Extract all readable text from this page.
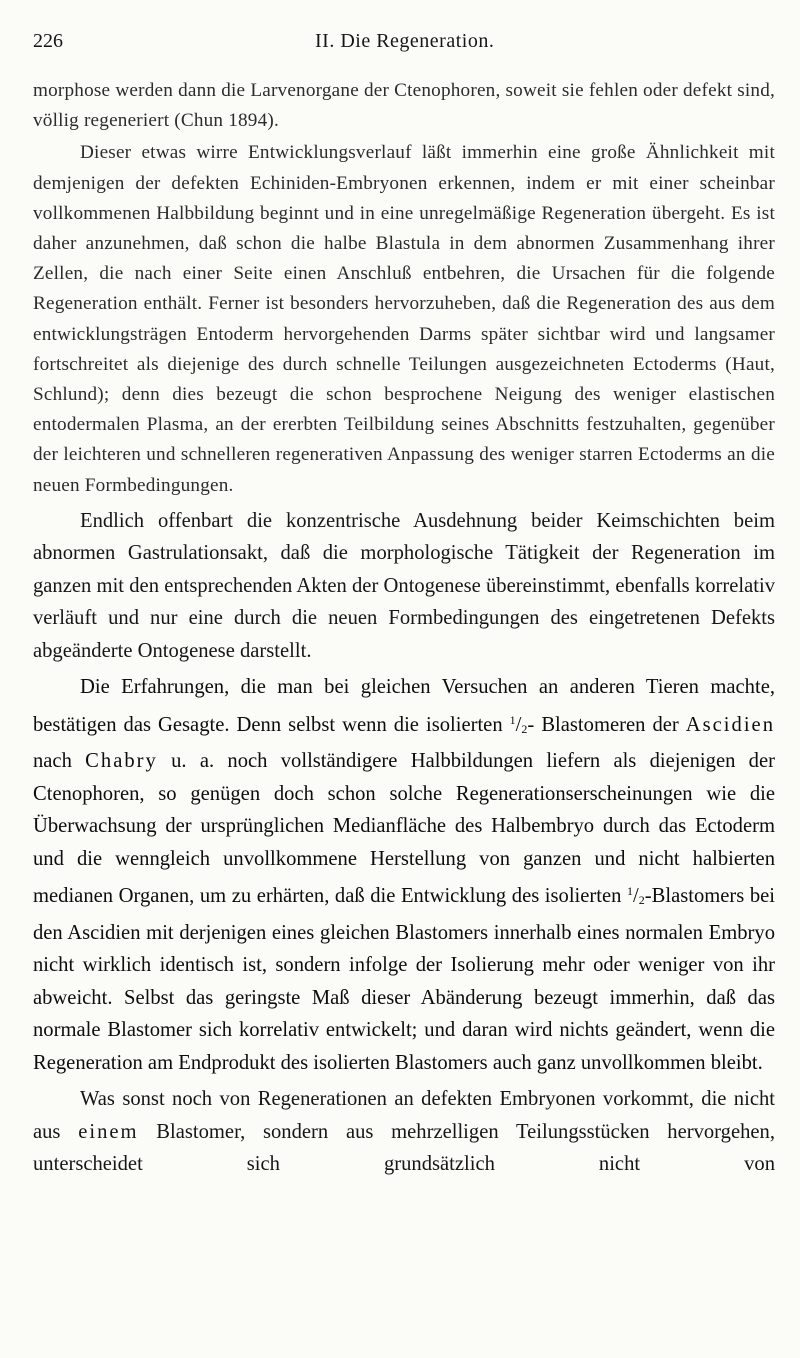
226	II. Die Regeneration.

morphose werden dann die Larvenorgane der Ctenophoren, soweit sie fehlen oder defekt sind, völlig regeneriert (Chun 1894).

Dieser etwas wirre Entwicklungsverlauf läßt immerhin eine große Ähnlichkeit mit demjenigen der defekten Echiniden-Embryonen erkennen, indem er mit einer scheinbar vollkommenen Halbbildung beginnt und in eine unregelmäßige Regeneration übergeht. Es ist daher anzunehmen, daß schon die halbe Blastula in dem abnormen Zusammenhang ihrer Zellen, die nach einer Seite einen Anschluß entbehren, die Ursachen für die folgende Regeneration enthält. Ferner ist besonders hervorzuheben, daß die Regeneration des aus dem entwicklungsträgen Entoderm hervorgehenden Darms später sichtbar wird und langsamer fortschreitet als diejenige des durch schnelle Teilungen ausgezeichneten Ectoderms (Haut, Schlund); denn dies bezeugt die schon besprochene Neigung des weniger elastischen entodermalen Plasma, an der ererbten Teilbildung seines Abschnitts festzuhalten, gegenüber der leichteren und schnelleren regenerativen Anpassung des weniger starren Ectoderms an die neuen Formbedingungen.

Endlich offenbart die konzentrische Ausdehnung beider Keimschichten beim abnormen Gastrulationsakt, daß die morphologische Tätigkeit der Regeneration im ganzen mit den entsprechenden Akten der Ontogenese übereinstimmt, ebenfalls korrelativ verläuft und nur eine durch die neuen Formbedingungen des eingetretenen Defekts abgeänderte Ontogenese darstellt.

Die Erfahrungen, die man bei gleichen Versuchen an anderen Tieren machte, bestätigen das Gesagte. Denn selbst wenn die isolierten $^1/_2-$ Blastomeren der Ascidien nach Chabry u. a. noch vollständigere Halbbildungen liefern als diejenigen der Ctenophoren, so genügen doch schon solche Regenerationserscheinungen wie die Überwachsung der ursprünglichen Medianfläche des Halbembryo durch das Ectoderm und die wenngleich unvollkommene Herstellung von ganzen und nicht halbierten medianen Organen, um zu erhärten, daß die Entwicklung des isolierten $^1/_2$-Blastomers bei den Ascidien mit derjenigen eines gleichen Blastomers innerhalb eines normalen Embryo nicht wirklich identisch ist, sondern infolge der Isolierung mehr oder weniger von ihr abweicht. Selbst das geringste Maß dieser Abänderung bezeugt immerhin, daß das normale Blastomer sich korrelativ entwickelt; und daran wird nichts geändert, wenn die Regeneration am Endprodukt des isolierten Blastomers auch ganz unvollkommen bleibt.

Was sonst noch von Regenerationen an defekten Embryonen vorkommt, die nicht aus einem Blastomer, sondern aus mehrzelligen Teilungsstücken hervorgehen, unterscheidet sich grundsätzlich nicht von
